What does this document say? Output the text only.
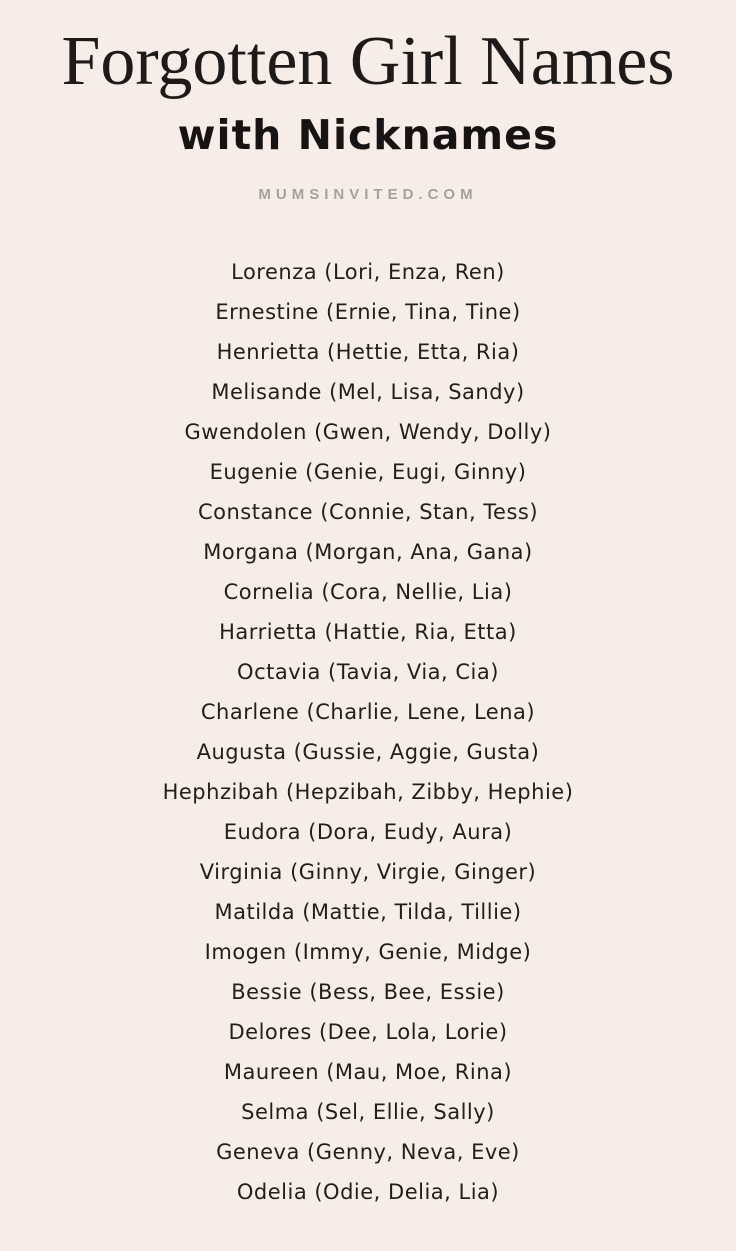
Forgotten Girl Names
with Nicknames
MUMSINVITED.COM
Lorenza (Lori, Enza, Ren)
Ernestine (Ernie, Tina, Tine)
Henrietta (Hettie, Etta, Ria)
Melisande (Mel, Lisa, Sandy)
Gwendolen (Gwen, Wendy, Dolly)
Eugenie (Genie, Eugi, Ginny)
Constance (Connie, Stan, Tess)
Morgana (Morgan, Ana, Gana)
Cornelia (Cora, Nellie, Lia)
Harrietta (Hattie, Ria, Etta)
Octavia (Tavia, Via, Cia)
Charlene (Charlie, Lene, Lena)
Augusta (Gussie, Aggie, Gusta)
Hephzibah (Hepzibah, Zibby, Hephie)
Eudora (Dora, Eudy, Aura)
Virginia (Ginny, Virgie, Ginger)
Matilda (Mattie, Tilda, Tillie)
Imogen (Immy, Genie, Midge)
Bessie (Bess, Bee, Essie)
Delores (Dee, Lola, Lorie)
Maureen (Mau, Moe, Rina)
Selma (Sel, Ellie, Sally)
Geneva (Genny, Neva, Eve)
Odelia (Odie, Delia, Lia)
